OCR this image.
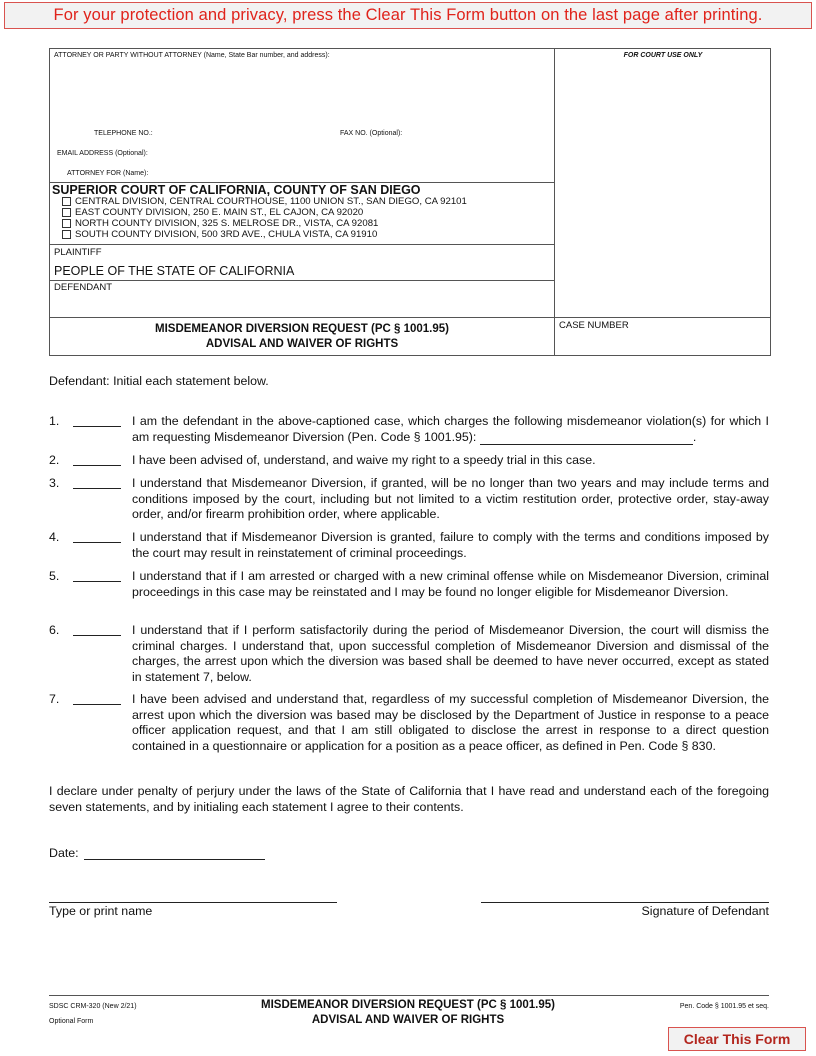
For your protection and privacy, press the Clear This Form button on the last page after printing.
ATTORNEY OR PARTY WITHOUT ATTORNEY (Name, State Bar number, and address):	FOR COURT USE ONLY
TELEPHONE NO.:	FAX NO. (Optional):
EMAIL ADDRESS (Optional):
ATTORNEY FOR (Name):
SUPERIOR COURT OF CALIFORNIA, COUNTY OF SAN DIEGO
CENTRAL DIVISION, CENTRAL COURTHOUSE, 1100 UNION ST., SAN DIEGO, CA 92101
EAST COUNTY DIVISION, 250 E. MAIN ST., EL CAJON, CA 92020
NORTH COUNTY DIVISION, 325 S. MELROSE DR., VISTA, CA 92081
SOUTH COUNTY DIVISION, 500 3RD AVE., CHULA VISTA, CA 91910
PLAINTIFF
PEOPLE OF THE STATE OF CALIFORNIA
DEFENDANT
MISDEMEANOR DIVERSION REQUEST (PC § 1001.95)
ADVISAL AND WAIVER OF RIGHTS
CASE NUMBER
Defendant: Initial each statement below.
1.	I am the defendant in the above-captioned case, which charges the following misdemeanor violation(s) for which I am requesting Misdemeanor Diversion (Pen. Code § 1001.95):	.
2.	I have been advised of, understand, and waive my right to a speedy trial in this case.
3.	I understand that Misdemeanor Diversion, if granted, will be no longer than two years and may include terms and conditions imposed by the court, including but not limited to a victim restitution order, protective order, stay-away order, and/or firearm prohibition order, where applicable.
4.	I understand that if Misdemeanor Diversion is granted, failure to comply with the terms and conditions imposed by the court may result in reinstatement of criminal proceedings.
5.	I understand that if I am arrested or charged with a new criminal offense while on Misdemeanor Diversion, criminal proceedings in this case may be reinstated and I may be found no longer eligible for Misdemeanor Diversion.
6.	I understand that if I perform satisfactorily during the period of Misdemeanor Diversion, the court will dismiss the criminal charges. I understand that, upon successful completion of Misdemeanor Diversion and dismissal of the charges, the arrest upon which the diversion was based shall be deemed to have never occurred, except as stated in statement 7, below.
7.	I have been advised and understand that, regardless of my successful completion of Misdemeanor Diversion, the arrest upon which the diversion was based may be disclosed by the Department of Justice in response to a peace officer application request, and that I am still obligated to disclose the arrest in response to a direct question contained in a questionnaire or application for a position as a peace officer, as defined in Pen. Code § 830.
I declare under penalty of perjury under the laws of the State of California that I have read and understand each of the foregoing seven statements, and by initialing each statement I agree to their contents.
Date:
Type or print name	Signature of Defendant
SDSC CRM-320 (New 2/21)
Optional Form
MISDEMEANOR DIVERSION REQUEST (PC § 1001.95)
ADVISAL AND WAIVER OF RIGHTS
Pen. Code § 1001.95 et seq.
Clear This Form
